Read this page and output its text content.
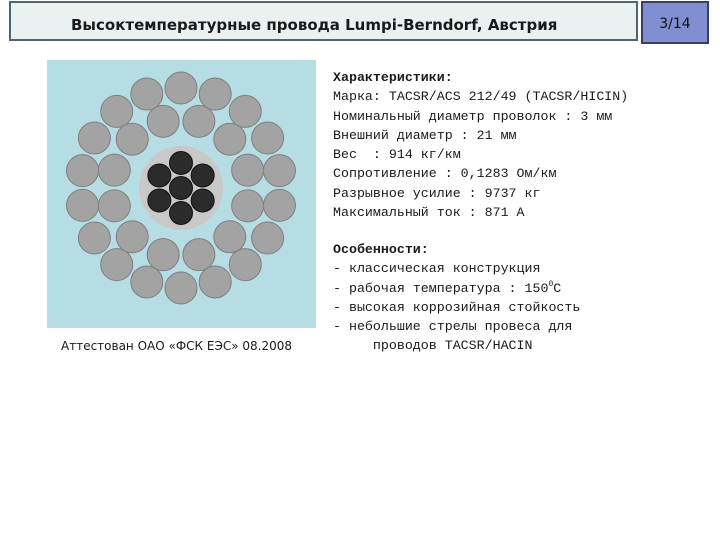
Высоктемпературные провода Lumpi-Berndorf, Австрия	3/14
Аттестован ОАО «ФСК ЕЭС» 08.2008
Характеристики:
Марка: TACSR/ACS 212/49 (TACSR/HICIN)
Номинальный диаметр проволок : 3 мм
Внешний диаметр : 21 мм
Вес  : 914 кг/км
Сопротивление : 0,1283 Ом/км
Разрывное усилие : 9737 кг
Максимальный ток : 871 А
Особенности:
- классическая конструкция
- рабочая температура : $150^0С$
- высокая коррозийная стойкость
- небольшие стрелы провеса для
проводов TACSR/HACIN
